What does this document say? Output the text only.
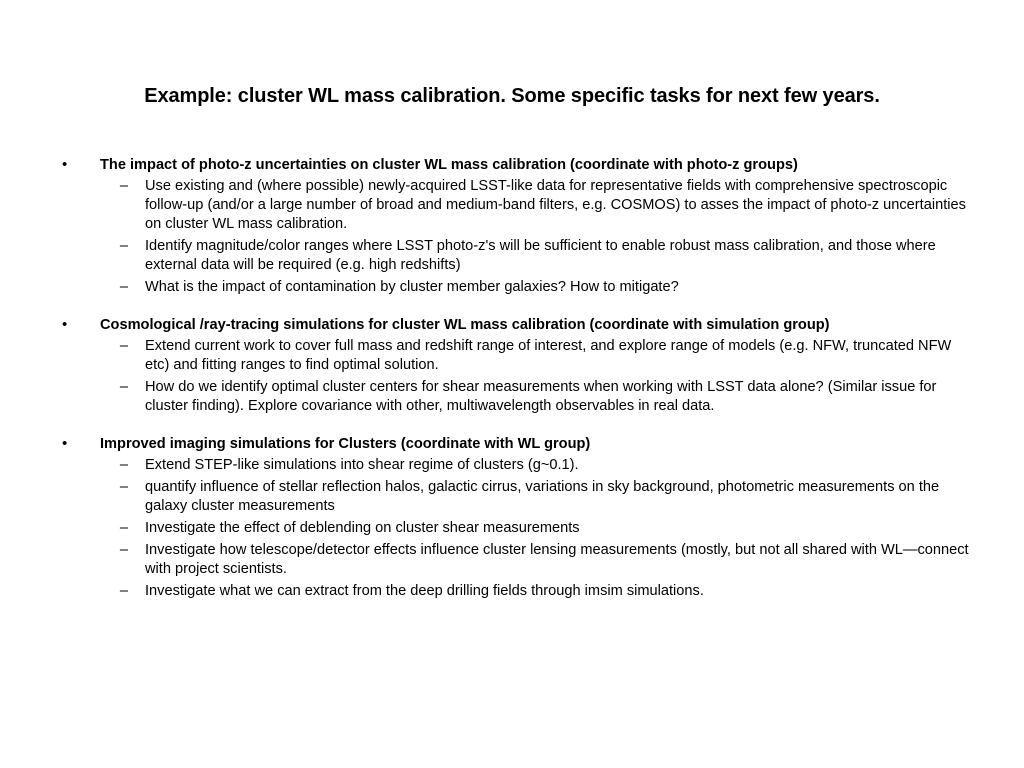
Example: cluster WL mass calibration. Some specific tasks for next few years.
•	The impact of photo-z uncertainties on cluster WL mass calibration (coordinate with photo-z groups)
–	Use existing and (where possible) newly-acquired LSST-like data for representative fields with comprehensive spectroscopic follow-up (and/or a large number of broad and medium-band filters, e.g. COSMOS) to asses the impact of photo-z uncertainties on cluster WL mass calibration.
–	Identify magnitude/color ranges where LSST photo-z's will be sufficient to enable robust mass calibration, and those where external data will be required (e.g. high redshifts)
–	What is the impact of contamination by cluster member galaxies? How to mitigate?
•	Cosmological /ray-tracing simulations for cluster WL mass calibration (coordinate with simulation group)
–	Extend current work to cover full mass and redshift range of interest, and explore range of models (e.g. NFW, truncated NFW etc) and fitting ranges to find optimal solution.
–	How do we identify optimal cluster centers for shear measurements when working with LSST data alone? (Similar issue for cluster finding). Explore covariance with other, multiwavelength observables in real data.
•	Improved imaging simulations for Clusters (coordinate with WL group)
–	Extend STEP-like simulations into shear regime of clusters (g~0.1).
–	quantify influence of stellar reflection halos, galactic cirrus, variations in sky background, photometric measurements on the galaxy cluster measurements
–	Investigate the effect of deblending on cluster shear measurements
–	Investigate how telescope/detector effects influence cluster lensing measurements (mostly, but not all shared with WL—connect with project scientists.
–	Investigate what we can extract from the deep drilling fields through imsim simulations.
